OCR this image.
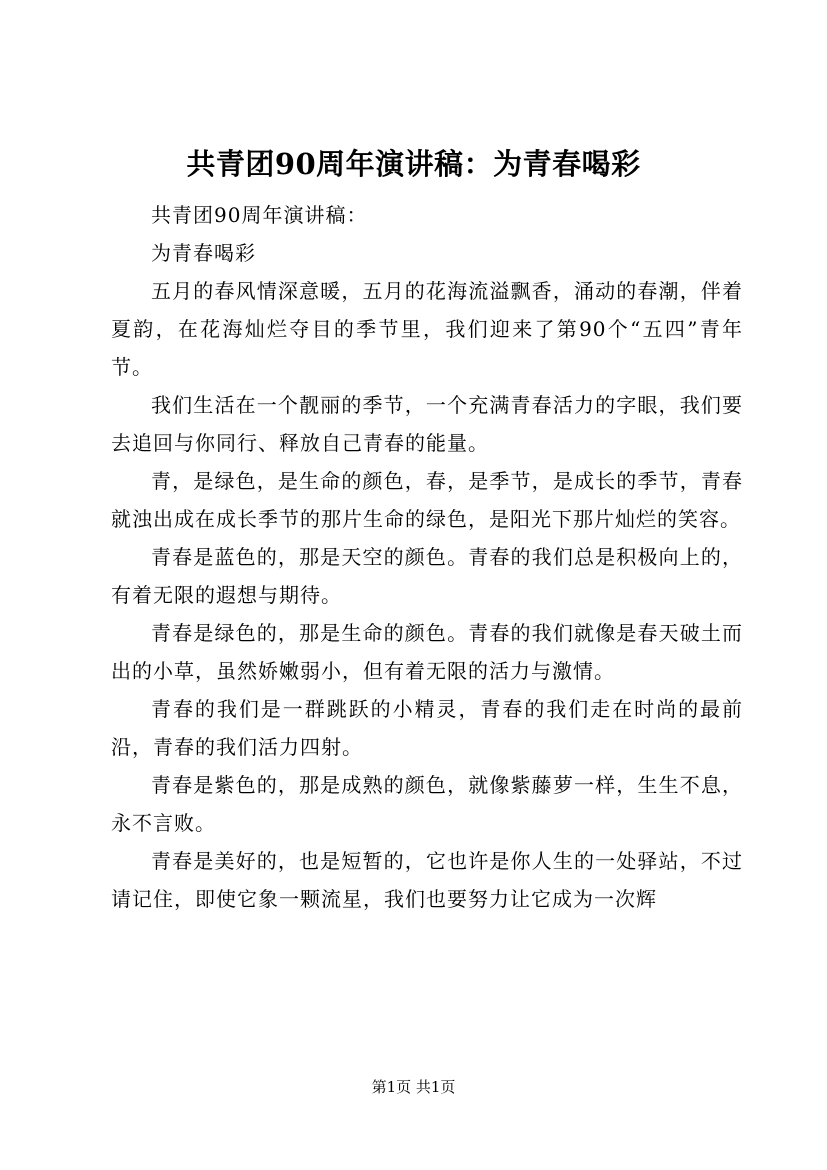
共青团90周年演讲稿：为青春喝彩

共青团90周年演讲稿：

为青春喝彩

五月的春风情深意暖，五月的花海流溢飘香，涌动的春潮，伴着夏韵，在花海灿烂夺目的季节里，我们迎来了第90个“五四”青年节。

我们生活在一个靓丽的季节，一个充满青春活力的字眼，我们要去追回与你同行、释放自己青春的能量。

青，是绿色，是生命的颜色，春，是季节，是成长的季节，青春就浊出成在成长季节的那片生命的绿色，是阳光下那片灿烂的笑容。

青春是蓝色的，那是天空的颜色。青春的我们总是积极向上的，有着无限的遐想与期待。

青春是绿色的，那是生命的颜色。青春的我们就像是春天破土而出的小草，虽然娇嫩弱小，但有着无限的活力与激情。

青春的我们是一群跳跃的小精灵，青春的我们走在时尚的最前沿，青春的我们活力四射。

青春是紫色的，那是成熟的颜色，就像紫藤萝一样，生生不息，永不言败。

青春是美好的，也是短暂的，它也许是你人生的一处驿站，不过请记住，即使它象一颗流星，我们也要努力让它成为一次辉

第1页 共1页
